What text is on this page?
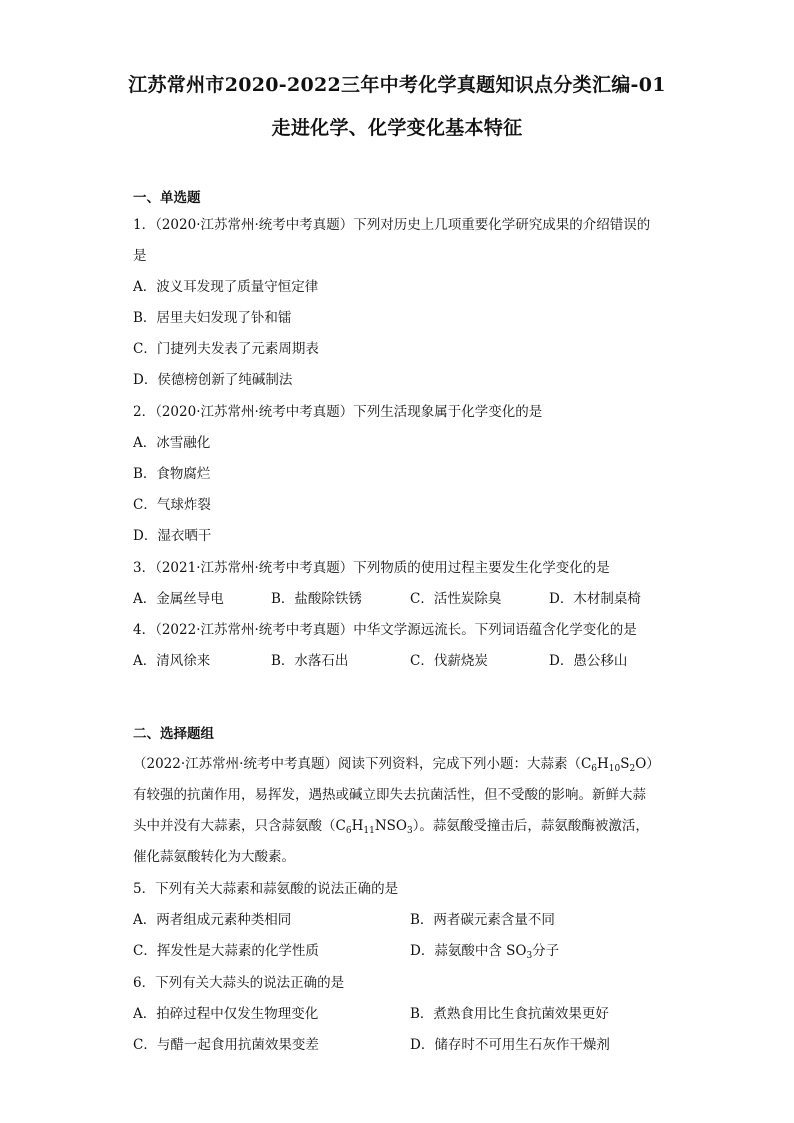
江苏常州市2020-2022三年中考化学真题知识点分类汇编-01
走进化学、化学变化基本特征
一、单选题
1．（2020·江苏常州·统考中考真题）下列对历史上几项重要化学研究成果的介绍错误的
是
A．波义耳发现了质量守恒定律
B．居里夫妇发现了钋和镭
C．门捷列夫发表了元素周期表
D．侯德榜创新了纯碱制法
2．（2020·江苏常州·统考中考真题）下列生活现象属于化学变化的是
A．冰雪融化
B．食物腐烂
C．气球炸裂
D．湿衣晒干
3．（2021·江苏常州·统考中考真题）下列物质的使用过程主要发生化学变化的是
A．金属丝导电	B．盐酸除铁锈	C．活性炭除臭	D．木材制桌椅
4．（2022·江苏常州·统考中考真题）中华文学源远流长。下列词语蕴含化学变化的是
A．清风徐来	B．水落石出	C．伐薪烧炭	D．愚公移山
二、选择题组
（2022·江苏常州·统考中考真题）阅读下列资料，完成下列小题：大蒜素$(C_6H_{10}S_2O)$
有较强的抗菌作用，易挥发，遇热或碱立即失去抗菌活性，但不受酸的影响。新鲜大蒜
头中并没有大蒜素，只含蒜氨酸$(C_6H_{11}NSO_3)$。蒜氨酸受撞击后，蒜氨酸酶被激活，
催化蒜氨酸转化为大酸素。
5．下列有关大蒜素和蒜氨酸的说法正确的是
A．两者组成元素种类相同	B．两者碳元素含量不同
C．挥发性是大蒜素的化学性质	D．蒜氨酸中含 $SO_3$分子
6．下列有关大蒜头的说法正确的是
A．拍碎过程中仅发生物理变化	B．煮熟食用比生食抗菌效果更好
C．与醋一起食用抗菌效果变差	D．储存时不可用生石灰作干燥剂
